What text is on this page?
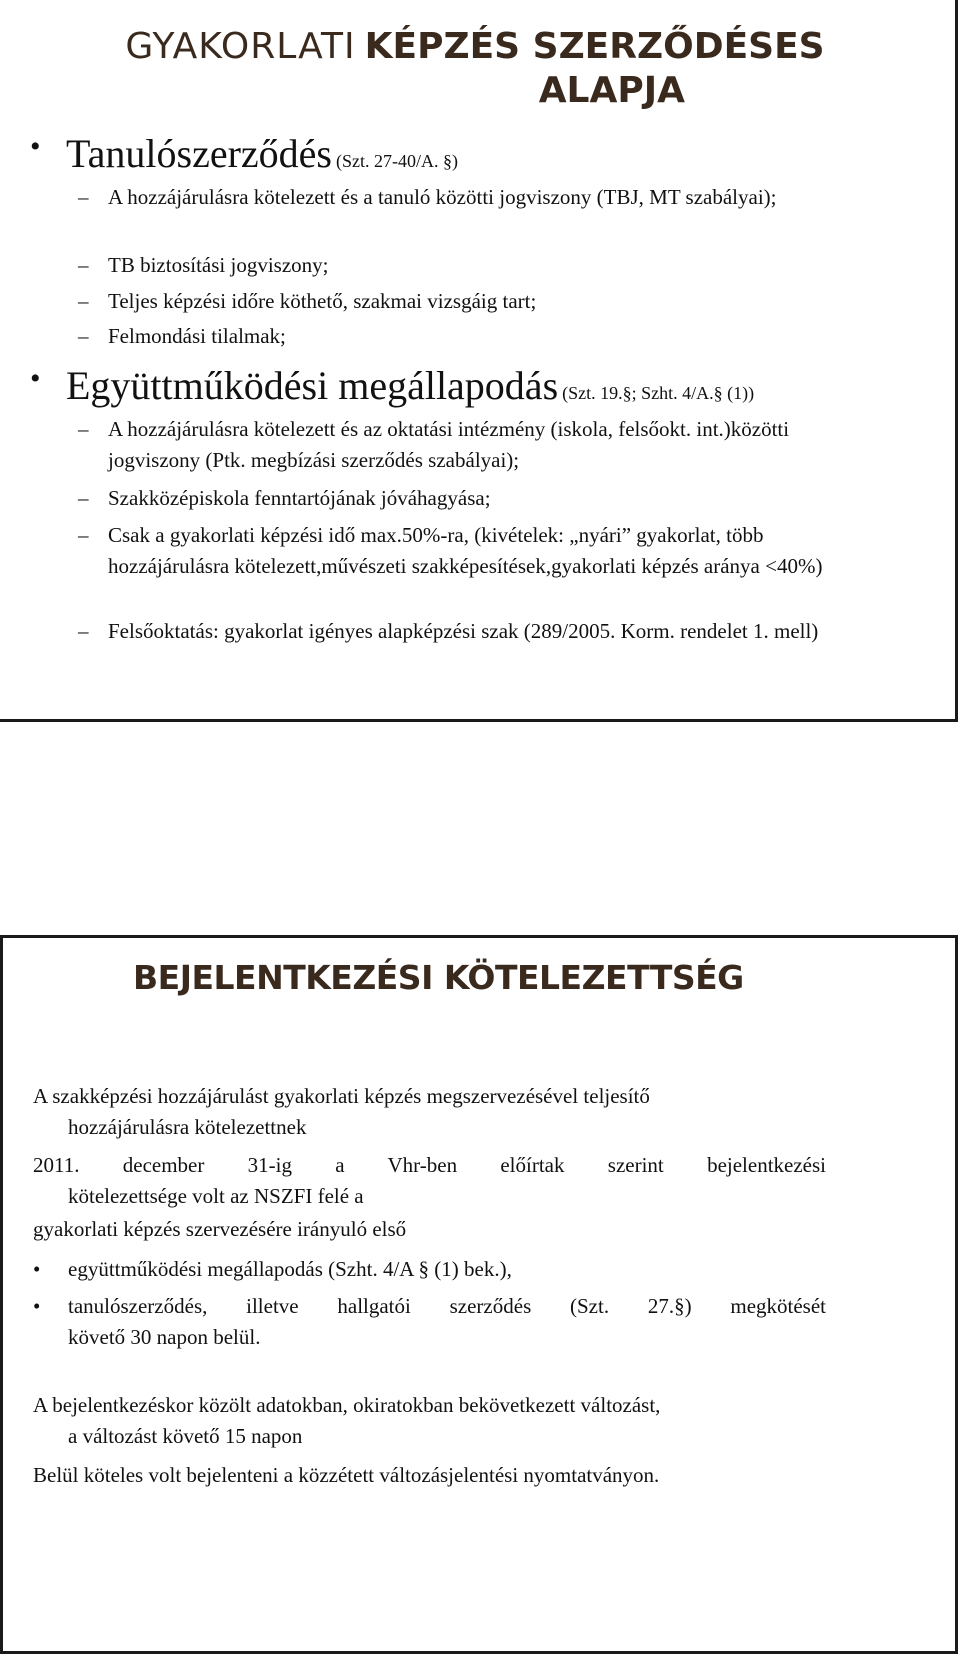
GYAKORLATI KÉPZÉS SZERZŐDÉSES
ALAPJA
• Tanulószerződés (Szt. 27-40/A. §)
– A hozzájárulásra kötelezett és a tanuló közötti jogviszony (TBJ, MT szabályai);
– TB biztosítási jogviszony;
– Teljes képzési időre köthető, szakmai vizsgáig tart;
– Felmondási tilalmak;
• Együttműködési megállapodás (Szt. 19.§; Szht. 4/A.§ (1))
– A hozzájárulásra kötelezett és az oktatási intézmény (iskola, felsőokt. int.)közötti jogviszony (Ptk. megbízási szerződés szabályai);
– Szakközépiskola fenntartójának jóváhagyása;
– Csak a gyakorlati képzési idő max.50%-ra, (kivételek: „nyári” gyakorlat, több hozzájárulásra kötelezett,művészeti szakképesítések,gyakorlati képzés aránya <40%)
– Felsőoktatás: gyakorlat igényes alapképzési szak (289/2005. Korm. rendelet 1. mell)
BEJELENTKEZÉSI KÖTELEZETTSÉG
A szakképzési hozzájárulást gyakorlati képzés megszervezésével teljesítő
hozzájárulásra kötelezettnek
2011. december 31-ig a Vhr-ben előírtak szerint bejelentkezési
kötelezettsége volt az NSZFI felé a
gyakorlati képzés szervezésére irányuló első
•	együttműködési megállapodás (Szht. 4/A § (1) bek.),
•	tanulószerződés, illetve hallgatói szerződés (Szt. 27.§) megkötését
követő 30 napon belül.
A bejelentkezéskor közölt adatokban, okiratokban bekövetkezett változást,
a változást követő 15 napon
Belül köteles volt bejelenteni a közzétett változásjelentési nyomtatványon.
